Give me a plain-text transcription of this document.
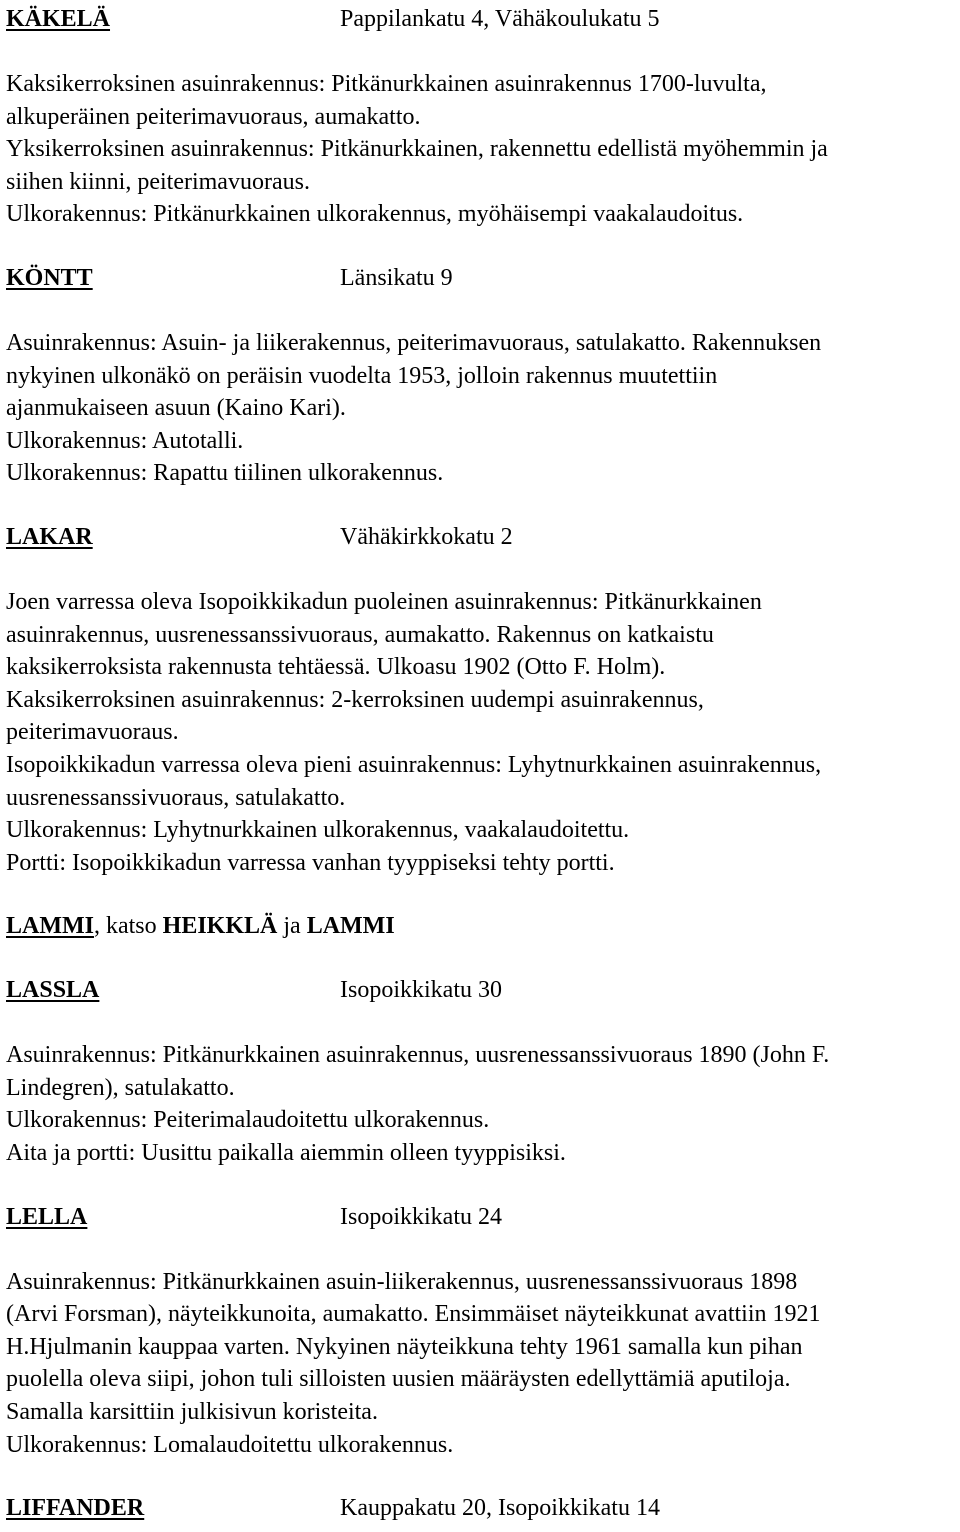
KÄKELÄ	Pappilankatu 4, Vähäkoulukatu 5
Kaksikerroksinen asuinrakennus: Pitkänurkkainen asuinrakennus 1700-luvulta,
alkuperäinen peiterimavuoraus, aumakatto.
Yksikerroksinen asuinrakennus: Pitkänurkkainen, rakennettu edellistä myöhemmin ja
siihen kiinni, peiterimavuoraus.
Ulkorakennus: Pitkänurkkainen ulkorakennus, myöhäisempi vaakalaudoitus.
KÖNTT	Länsikatu 9
Asuinrakennus: Asuin- ja liikerakennus, peiterimavuoraus, satulakatto. Rakennuksen
nykyinen ulkonäkö on peräisin vuodelta 1953, jolloin rakennus muutettiin
ajanmukaiseen asuun (Kaino Kari).
Ulkorakennus: Autotalli.
Ulkorakennus: Rapattu tiilinen ulkorakennus.
LAKAR	Vähäkirkkokatu 2
Joen varressa oleva Isopoikkikadun puoleinen asuinrakennus: Pitkänurkkainen
asuinrakennus, uusrenessanssivuoraus, aumakatto. Rakennus on katkaistu
kaksikerroksista rakennusta tehtäessä. Ulkoasu 1902 (Otto F. Holm).
Kaksikerroksinen asuinrakennus: 2-kerroksinen uudempi asuinrakennus,
peiterimavuoraus.
Isopoikkikadun varressa oleva pieni asuinrakennus: Lyhytnurkkainen asuinrakennus,
uusrenessanssivuoraus, satulakatto.
Ulkorakennus: Lyhytnurkkainen ulkorakennus, vaakalaudoitettu.
Portti: Isopoikkikadun varressa vanhan tyyppiseksi tehty portti.
LAMMI, katso HEIKKLÄ ja LAMMI
LASSLA	Isopoikkikatu 30
Asuinrakennus: Pitkänurkkainen asuinrakennus, uusrenessanssivuoraus 1890 (John F.
Lindegren), satulakatto.
Ulkorakennus: Peiterimalaudoitettu ulkorakennus.
Aita ja portti: Uusittu paikalla aiemmin olleen tyyppisiksi.
LELLA	Isopoikkikatu 24
Asuinrakennus: Pitkänurkkainen asuin-liikerakennus, uusrenessanssivuoraus 1898
(Arvi Forsman), näyteikkunoita, aumakatto. Ensimmäiset näyteikkunat avattiin 1921
H.Hjulmanin kauppaa varten. Nykyinen näyteikkuna tehty 1961 samalla kun pihan
puolella oleva siipi, johon tuli silloisten uusien määräysten edellyttämiä aputiloja.
Samalla karsittiin julkisivun koristeita.
Ulkorakennus: Lomalaudoitettu ulkorakennus.
LIFFANDER	Kauppakatu 20, Isopoikkikatu 14
